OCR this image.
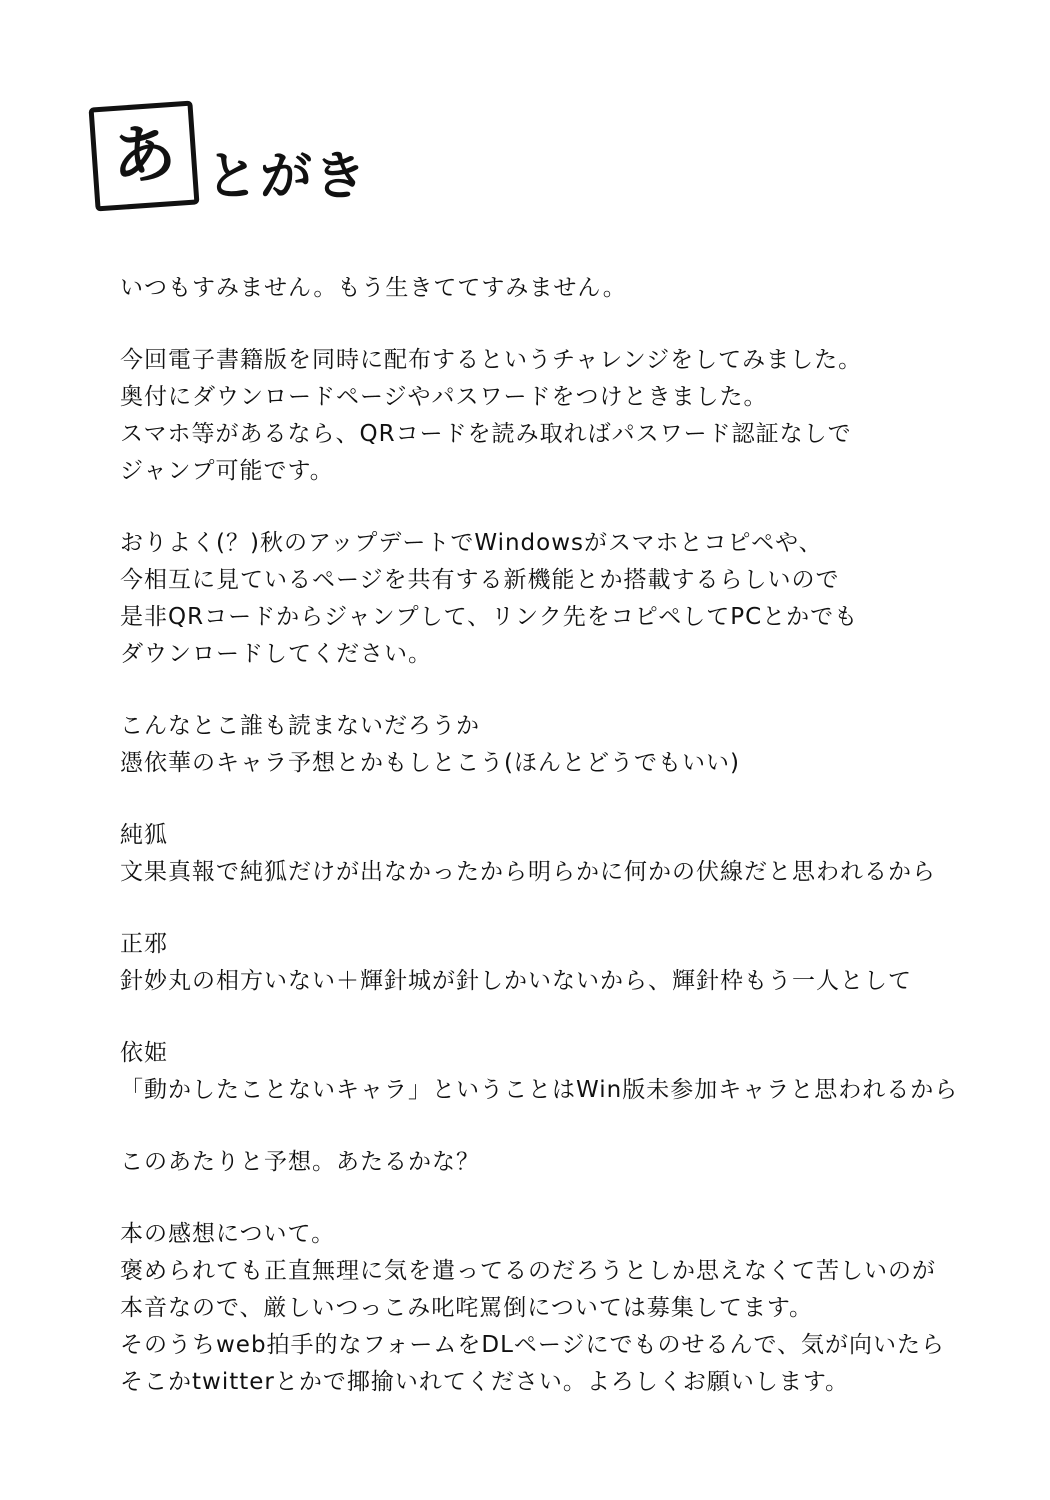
あ とがき
いつもすみません。もう生きててすみません。
今回電子書籍版を同時に配布するというチャレンジをしてみました。
奥付にダウンロードページやパスワードをつけときました。
スマホ等があるなら、QRコードを読み取ればパスワード認証なしで
ジャンプ可能です。
おりよく(？)秋のアップデートでWindowsがスマホとコピペや、
今相互に見ているページを共有する新機能とか搭載するらしいので
是非QRコードからジャンプして、リンク先をコピペしてPCとかでも
ダウンロードしてください。
こんなとこ誰も読まないだろうか
憑依華のキャラ予想とかもしとこう(ほんとどうでもいい)
純狐
文果真報で純狐だけが出なかったから明らかに何かの伏線だと思われるから
正邪
針妙丸の相方いない＋輝針城が針しかいないから、輝針枠もう一人として
依姫
「動かしたことないキャラ」ということはWin版未参加キャラと思われるから
このあたりと予想。あたるかな？
本の感想について。
褒められても正直無理に気を遣ってるのだろうとしか思えなくて苦しいのが
本音なので、厳しいつっこみ叱咤罵倒については募集してます。
そのうちweb拍手的なフォームをDLページにでものせるんで、気が向いたら
そこかtwitterとかで揶揄いれてください。よろしくお願いします。
